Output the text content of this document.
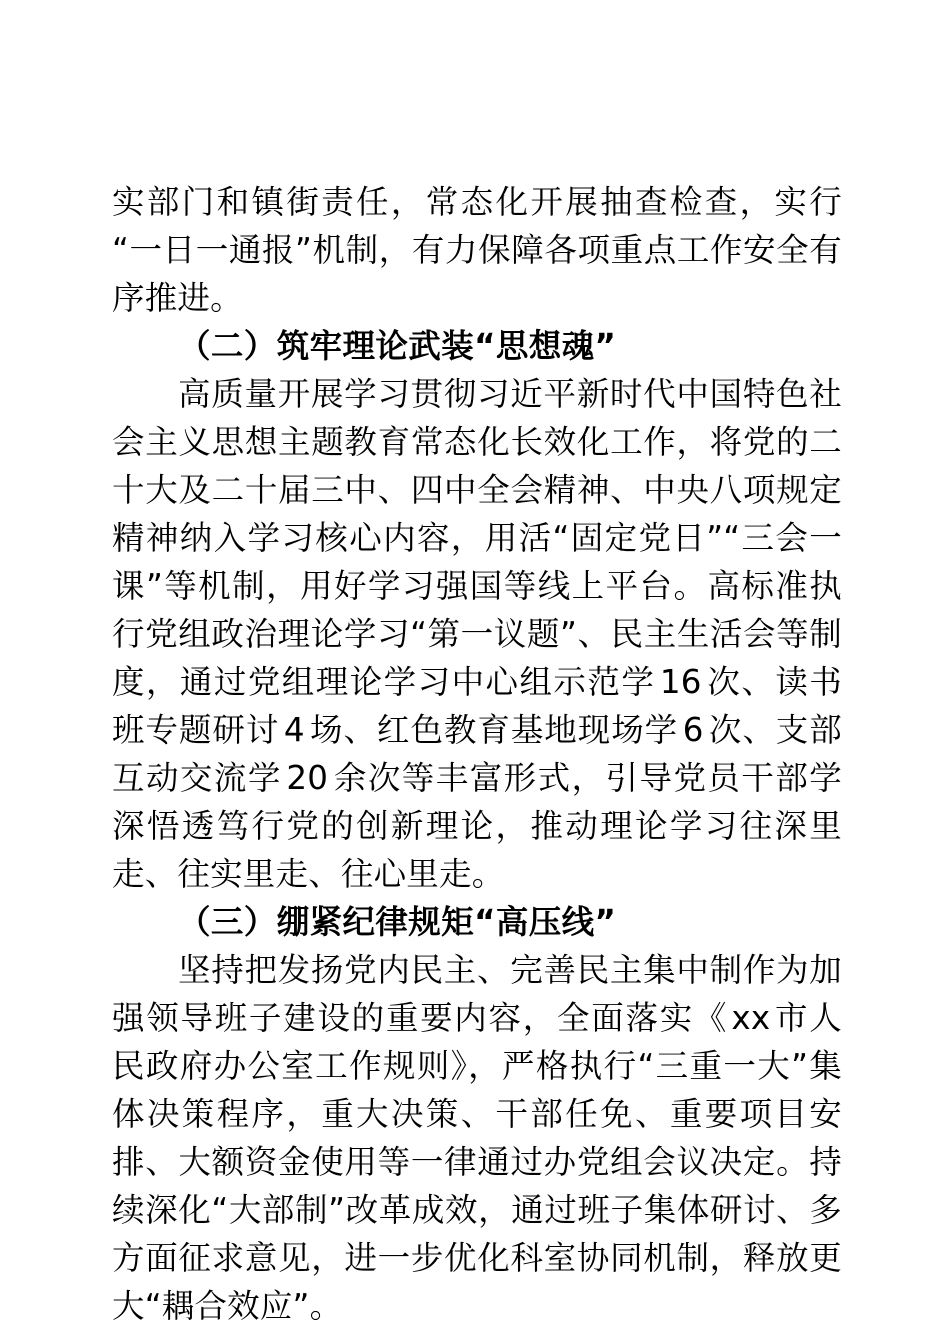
实部门和镇街责任，常态化开展抽查检查，实行“一日一通报”机制，有力保障各项重点工作安全有序推进。

（二）筑牢理论武装“思想魂”

高质量开展学习贯彻习近平新时代中国特色社会主义思想主题教育常态化长效化工作，将党的二十大及二十届三中、四中全会精神、中央八项规定精神纳入学习核心内容，用活“固定党日”“三会一课”等机制，用好学习强国等线上平台。高标准执行党组政治理论学习“第一议题”、民主生活会等制度，通过党组理论学习中心组示范学 16 次、读书班专题研讨 4 场、红色教育基地现场学 6 次、支部互动交流学 20 余次等丰富形式，引导党员干部学深悟透笃行党的创新理论，推动理论学习往深里走、往实里走、往心里走。

（三）绷紧纪律规矩“高压线”

坚持把发扬党内民主、完善民主集中制作为加强领导班子建设的重要内容，全面落实《 xx 市人民政府办公室工作规则》，严格执行“三重一大”集体决策程序，重大决策、干部任免、重要项目安排、大额资金使用等一律通过办党组会议决定。持续深化“大部制”改革成效，通过班子集体研讨、多方面征求意见，进一步优化科室协同机制，释放更大“耦合效应”。
